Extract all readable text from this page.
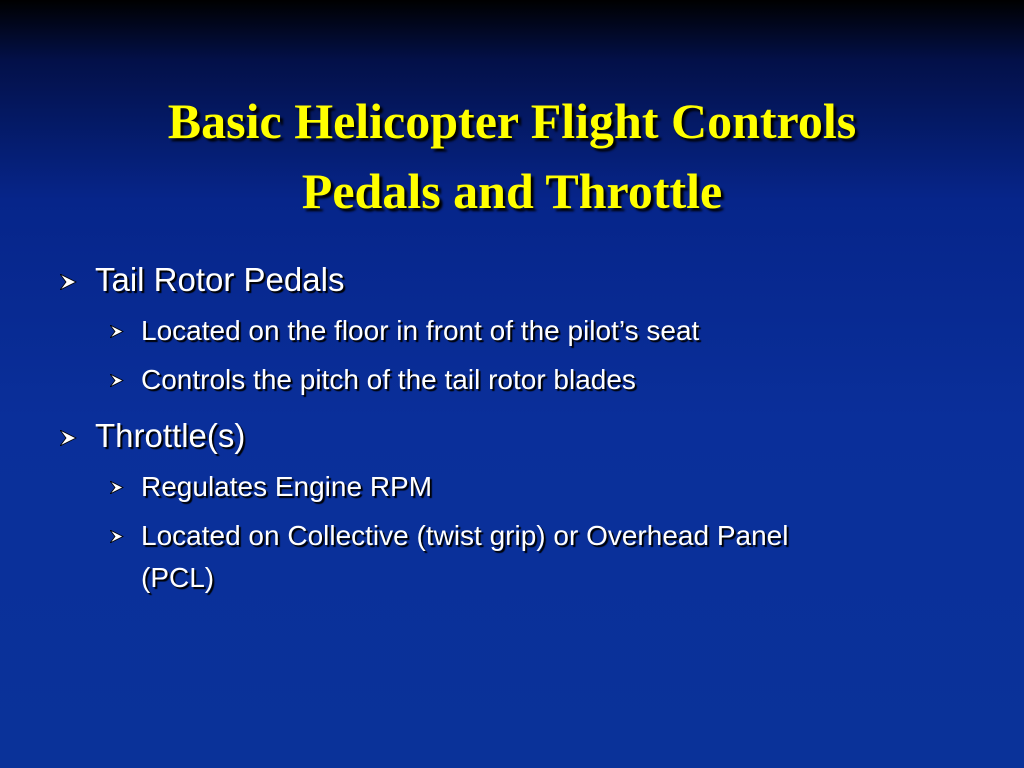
Basic Helicopter Flight Controls
Pedals and Throttle
Tail Rotor Pedals
Located on the floor in front of the pilot’s seat
Controls the pitch of the tail rotor blades
Throttle(s)
Regulates Engine RPM
Located on Collective (twist grip) or Overhead Panel
(PCL)
